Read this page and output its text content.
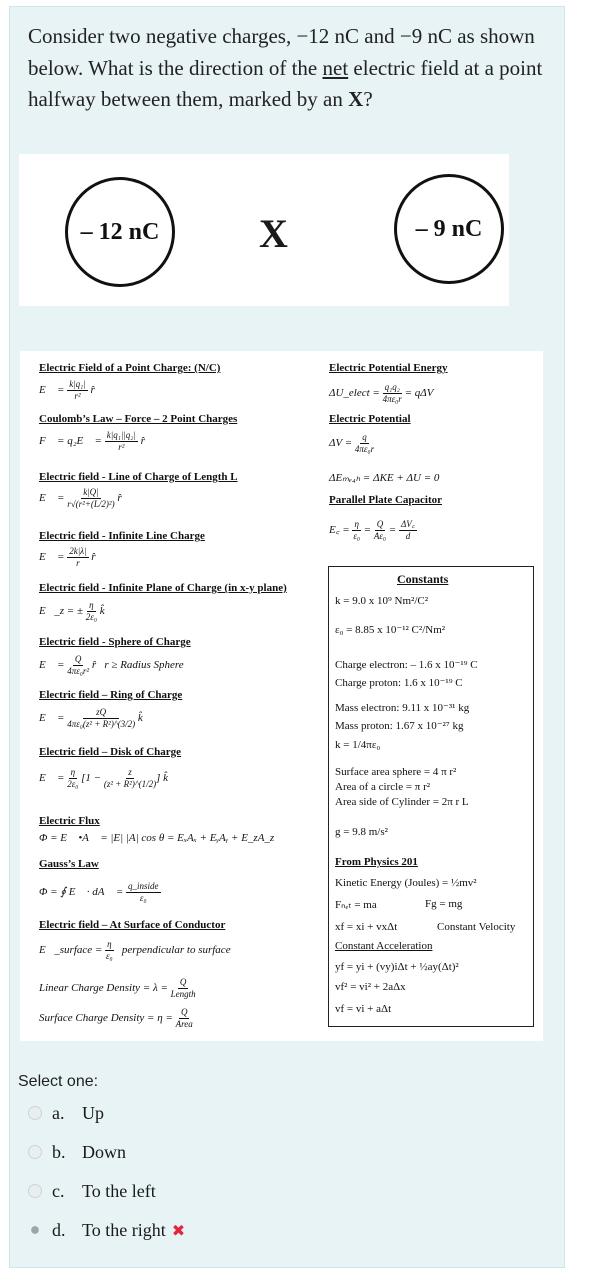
Consider two negative charges, −12 nC and −9 nC as shown below. What is the direction of the net electric field at a point halfway between them, marked by an X?
– 12 nC X	– 9 nC
Electric Field of a Point Charge: (N/C)
E⃗ = $\frac{\text{k|q₁|}}{\text{r²}}$ r̂
Coulomb’s Law – Force – 2 Point Charges
F⃗ = q₂E⃗ = $\frac{\text{k|q₁||q₂|}}{\text{r²}}$ r̂
Electric field - Line of Charge of Length L
E⃗ = $\frac{k|Q|}{\text{r√(r²+(L/2)²)}}$ r̂
Electric field - Infinite Line Charge
E⃗ = $\frac{2k|\lambda|}{r}$ r̂
Electric field - Infinite Plane of Charge (in x-y plane)
E⃗_z = ± $\frac{\eta}{\text{2ε₀}}$ k̂
Electric field - Sphere of Charge
E⃗ = $\frac{Q}{\text{4πε₀r²}}$ r̂   r ≥ Radius Sphere
Electric field – Ring of Charge
E⃗ = $\frac{zQ}{\text{4πε₀(z² + R²)\textasciicircum{}(3/2)}}$ k̂
Electric field – Disk of Charge
E⃗ = $\frac{\eta}{\text{2ε₀}} [1 - \frac{z}{\text{(z² + R²)\textasciicircum{}(1/2)}}$ ] k̂
Electric Flux
Φ = E⃗ •A⃗ = |E| |A| cos θ = EₓAₓ + EᵧAᵧ + E_zA_z
Gauss’s Law
Φ = ∮ E⃗ · dA⃗ = $\frac{\text{q\_inside}}{\text{ε₀}}$
Electric field – At Surface of Conductor
E⃗_surface = $\frac{\eta}{\text{ε₀}}$ perpendicular to surface
Linear Charge Density = $\lambda = \frac{Q}{\text{Length}}$
Surface Charge Density = $\eta = \frac{Q}{\text{Area}}$
Electric Potential Energy
ΔU_elect = $\frac{\text{q₁q₂}}{\text{4πε₀r}} = q\Delta V$
Electric Potential
$\Delta V = \frac{q}{\text{4πε₀r}}$
ΔEₘₑ₄ₕ = ΔKE + ΔU = 0
Parallel Plate Capacitor
E꜀ = $\frac{\eta}{\text{ε₀}} = \frac{Q}{\text{Aε₀}} = \frac{\Delta V꜀}{d}$
Constants
k = 9.0 x 10⁹ Nm²/C²
ε₀ = 8.85 x 10⁻¹² C²/Nm²
Charge electron: – 1.6 x 10⁻¹⁹ C
Charge proton: 1.6 x 10⁻¹⁹ C
Mass electron: 9.11 x 10⁻³¹ kg
Mass proton: 1.67 x 10⁻²⁷ kg
k = 1/4πε₀
Surface area sphere = 4 π r²
Area of a circle = π r²
Area side of Cylinder = 2π r L
g = 9.8 m/s²
From Physics 201
Kinetic Energy (Joules) = ½mv²
Fₙₑₜ = ma	Fg = mg
xf = xi + vxΔt	Constant Velocity
Constant Acceleration
yf = yi + (vy)iΔt + ½ay(Δt)²
vf² = vi² + 2aΔx
vf = vi + aΔt
Select one:
a. Up
b. Down
c. To the left
d. To the right ✖
